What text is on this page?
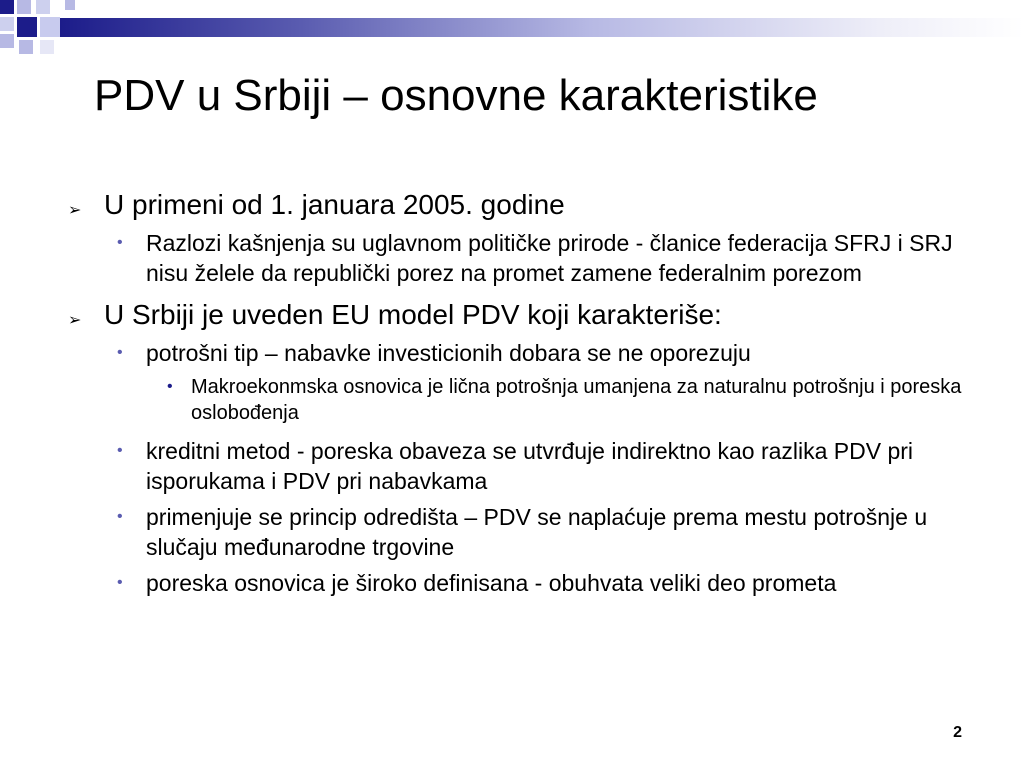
PDV u Srbiji – osnovne karakteristike
➢ U primeni od 1. januara 2005. godine
• Razlozi kašnjenja su uglavnom političke prirode - članice federacija SFRJ i SRJ nisu želele da republički porez na promet zamene federalnim porezom
➢ U Srbiji je uveden EU model PDV koji karakteriše:
• potrošni tip – nabavke investicionih dobara se ne oporezuju
• Makroekonmska osnovica je lična potrošnja umanjena za naturalnu potrošnju i poreska oslobođenja
• kreditni metod - poreska obaveza se utvrđuje indirektno kao razlika PDV pri isporukama i PDV pri nabavkama
• primenjuje se princip odredišta – PDV se naplaćuje prema mestu potrošnje u slučaju međunarodne trgovine
• poreska osnovica je široko definisana - obuhvata veliki deo prometa
2
